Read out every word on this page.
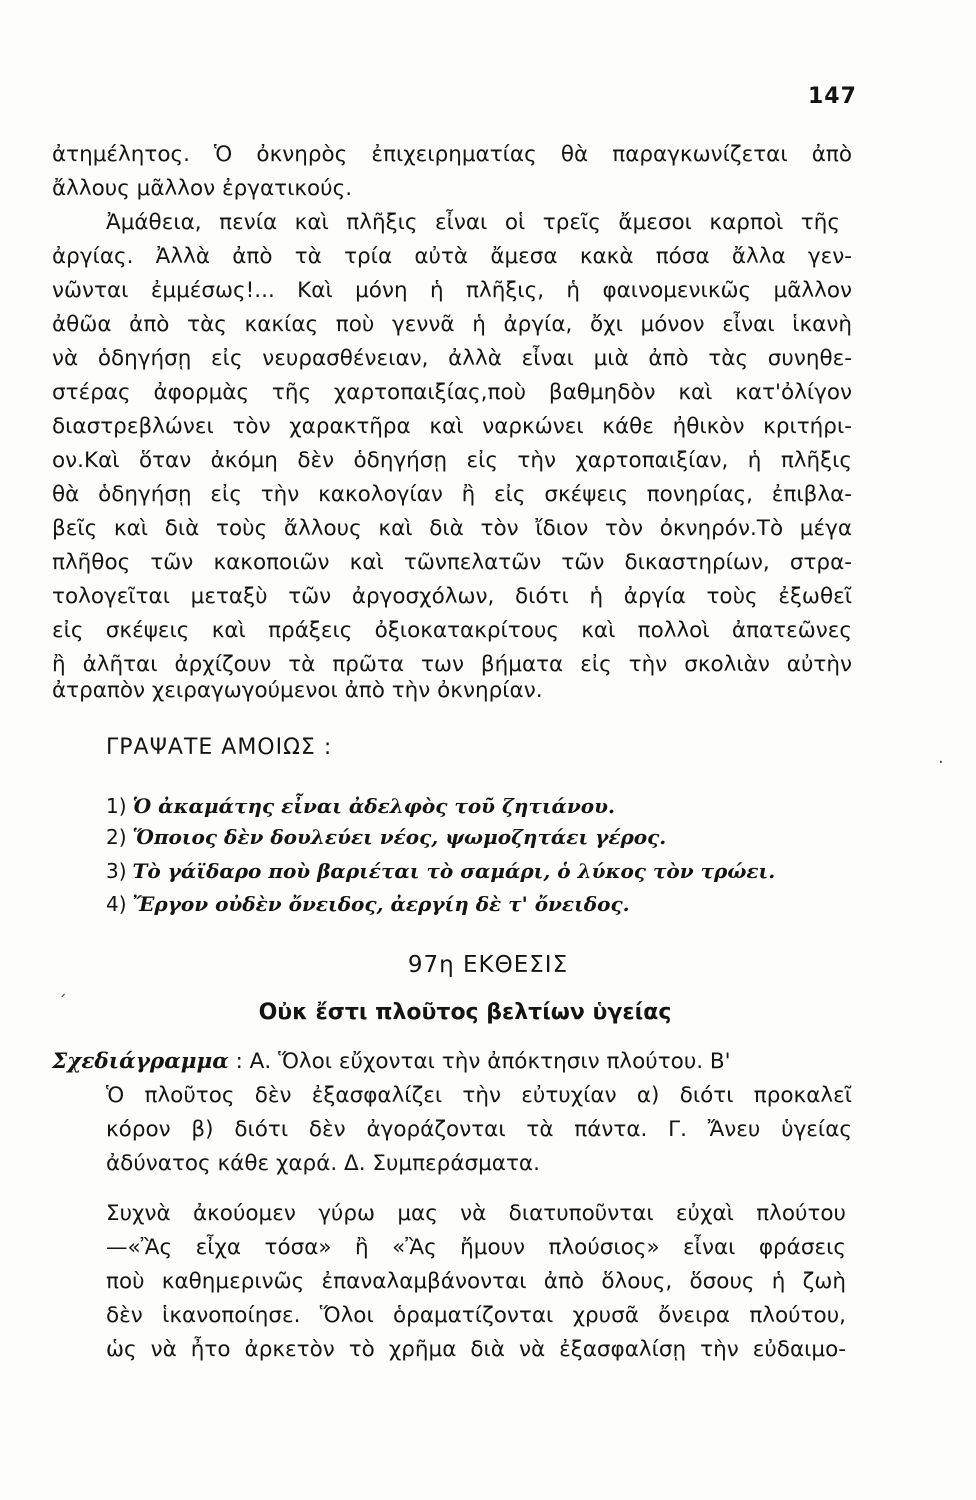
147
ἀτημέλητος. Ὁ ὀκνηρὸς ἐπιχειρηματίας θὰ παραγκωνίζεται ἀπὸ
ἄλλους μᾶλλον ἐργατικούς.
Ἀμάθεια, πενία καὶ πλῆξις εἶναι οἱ τρεῖς ἄμεσοι καρποὶ τῆς
ἀργίας. Ἀλλὰ ἀπὸ τὰ τρία αὐτὰ ἄμεσα κακὰ πόσα ἄλλα γεν-
νῶνται ἐμμέσως!... Καὶ μόνη ἡ πλῆξις, ἡ φαινομενικῶς μᾶλλον
ἀθῶα ἀπὸ τὰς κακίας ποὺ γεννᾶ ἡ ἀργία, ὄχι μόνον εἶναι ἱκανὴ
νὰ ὁδηγήσῃ εἰς νευρασθένειαν, ἀλλὰ εἶναι μιὰ ἀπὸ τὰς συνηθε-
στέρας ἀφορμὰς τῆς χαρτοπαιξίας,ποὺ βαθμηδὸν καὶ κατ'ὀλίγον
διαστρεβλώνει τὸν χαρακτῆρα καὶ ναρκώνει κάθε ἠθικὸν κριτήρι-
ον.Καὶ ὅταν ἀκόμη δὲν ὁδηγήσῃ εἰς τὴν χαρτοπαιξίαν, ἡ πλῆξις
θὰ ὁδηγήσῃ εἰς τὴν κακολογίαν ἢ εἰς σκέψεις πονηρίας, ἐπιβλα-
βεῖς καὶ διὰ τοὺς ἄλλους καὶ διὰ τὸν ἴδιον τὸν ὀκνηρόν.Τὸ μέγα
πλῆθος τῶν κακοποιῶν καὶ τῶνπελατῶν τῶν δικαστηρίων, στρα-
τολογεῖται μεταξὺ τῶν ἀργοσχόλων, διότι ἡ ἀργία τοὺς ἐξωθεῖ
εἰς σκέψεις καὶ πράξεις ὀξιοκατακρίτους καὶ πολλοὶ ἀπατεῶνες
ἢ ἀλῆται ἀρχίζουν τὰ πρῶτα των βήματα εἰς τὴν σκολιὰν αὐτὴν
ἀτραπὸν χειραγωγούμενοι ἀπὸ τὴν ὀκνηρίαν.
ΓΡΑΨΑΤΕ ΑΜΟΙΩΣ :
1) Ὁ ἀκαμάτης εἶναι ἀδελφὸς τοῦ ζητιάνου.
2) Ὅποιος δὲν δουλεύει νέος, ψωμοζητάει γέρος.
3) Τὸ γάϊδαρο ποὺ βαριέται τὸ σαμάρι, ὁ λύκος τὸν τρώει.
4) Ἔργον οὐδὲν ὄνειδος, ἀεργίη δὲ τ' ὄνειδος.
97η ΕΚΘΕΣΙΣ
Οὐκ ἔστι πλοῦτος βελτίων ὑγείας
Σχεδιάγραμμα : Α. Ὅλοι εὔχονται τὴν ἀπόκτησιν πλούτου. Β'
Ὁ πλοῦτος δὲν ἐξασφαλίζει τὴν εὐτυχίαν α) διότι προκαλεῖ
κόρον β) διότι δὲν ἀγοράζονται τὰ πάντα. Γ. Ἄνευ ὑγείας
ἀδύνατος κάθε χαρά. Δ. Συμπεράσματα.
Συχνὰ ἀκούομεν γύρω μας νὰ διατυποῦνται εὐχαὶ πλούτου
—«Ἂς εἶχα τόσα» ἢ «Ἂς ἤμουν πλούσιος» εἶναι φράσεις
ποὺ καθημερινῶς ἐπαναλαμβάνονται ἀπὸ ὅλους, ὅσους ἡ ζωὴ
δὲν ἱκανοποίησε. Ὅλοι ὁραματίζονται χρυσᾶ ὄνειρα πλούτου,
ὡς νὰ ἦτο ἀρκετὸν τὸ χρῆμα διὰ νὰ ἐξασφαλίσῃ τὴν εὐδαιμο-
´
·
